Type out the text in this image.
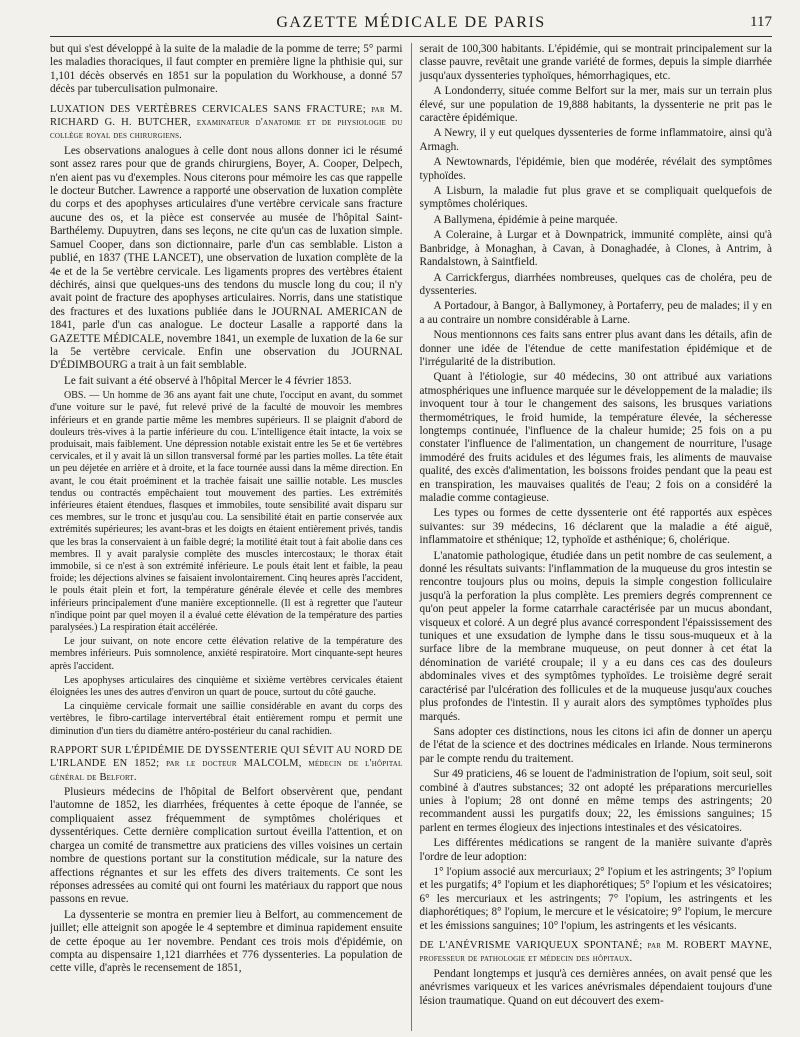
GAZETTE MÉDICALE DE PARIS	117

but qui s'est développé à la suite de la maladie de la pomme de terre; 5° parmi les maladies thoraciques, il faut compter en première ligne la phthisie qui, sur 1,101 décès observés en 1851 sur la population du Workhouse, a donné 57 décès par tuberculisation pulmonaire.

LUXATION DES VERTÈBRES CERVICALES SANS FRACTURE; par M. RICHARD G. H. BUTCHER, examinateur d'anatomie et de physiologie du collège royal des chirurgiens.

Les observations analogues à celle dont nous allons donner ici le résumé sont assez rares pour que de grands chirurgiens, Boyer, A. Cooper, Delpech, n'en aient pas vu d'exemples. Nous citerons pour mémoire les cas que rappelle le docteur Butcher. Lawrence a rapporté une observation de luxation complète du corps et des apophyses articulaires d'une vertèbre cervicale sans fracture aucune des os, et la pièce est conservée au musée de l'hôpital Saint-Barthélemy. Dupuytren, dans ses leçons, ne cite qu'un cas de luxation simple. Samuel Cooper, dans son dictionnaire, parle d'un cas semblable. Liston a publié, en 1837 (THE LANCET), une observation de luxation complète de la 4e et de la 5e vertèbre cervicale. Les ligaments propres des vertèbres étaient déchirés, ainsi que quelques-uns des tendons du muscle long du cou; il n'y avait point de fracture des apophyses articulaires. Norris, dans une statistique des fractures et des luxations publiée dans le JOURNAL AMERICAN de 1841, parle d'un cas analogue. Le docteur Lasalle a rapporté dans la GAZETTE MÉDICALE, novembre 1841, un exemple de luxation de la 6e sur la 5e vertèbre cervicale. Enfin une observation du JOURNAL D'ÉDIMBOURG a trait à un fait semblable.

Le fait suivant a été observé à l'hôpital Mercer le 4 février 1853.

OBS. — Un homme de 36 ans ayant fait une chute, l'occiput en avant, du sommet d'une voiture sur le pavé, fut relevé privé de la faculté de mouvoir les membres inférieurs et en grande partie même les membres supérieurs. Il se plaignit d'abord de douleurs très-vives à la partie inférieure du cou. L'intelligence était intacte, la voix se produisait, mais faiblement. Une dépression notable existait entre les 5e et 6e vertèbres cervicales, et il y avait là un sillon transversal formé par les parties molles. La tête était un peu déjetée en arrière et à droite, et la face tournée aussi dans la même direction. En avant, le cou était proéminent et la trachée faisait une saillie notable. Les muscles tendus ou contractés empêchaient tout mouvement des parties. Les extrémités inférieures étaient étendues, flasques et immobiles, toute sensibilité avait disparu sur ces membres, sur le tronc et jusqu'au cou. La sensibilité était en partie conservée aux extrémités supérieures; les avant-bras et les doigts en étaient entièrement privés, tandis que les bras la conservaient à un faible degré; la motilité était tout à fait abolie dans ces membres. Il y avait paralysie complète des muscles intercostaux; le thorax était immobile, si ce n'est à son extrémité inférieure. Le pouls était lent et faible, la peau froide; les déjections alvines se faisaient involontairement. Cinq heures après l'accident, le pouls était plein et fort, la température générale élevée et celle des membres inférieurs principalement d'une manière exceptionnelle. (Il est à regretter que l'auteur n'indique point par quel moyen il a évalué cette élévation de la température des parties paralysées.) La respiration était accélérée.

Le jour suivant, on note encore cette élévation relative de la température des membres inférieurs. Puis somnolence, anxiété respiratoire. Mort cinquante-sept heures après l'accident.

Les apophyses articulaires des cinquième et sixième vertèbres cervicales étaient éloignées les unes des autres d'environ un quart de pouce, surtout du côté gauche.

La cinquième cervicale formait une saillie considérable en avant du corps des vertèbres, le fibro-cartilage intervertébral était entièrement rompu et permit une diminution d'un tiers du diamètre antéro-postérieur du canal rachidien.

RAPPORT SUR L'ÉPIDÉMIE DE DYSSENTERIE QUI SÉVIT AU NORD DE L'IRLANDE EN 1852; par le docteur MALCOLM, médecin de l'hôpital général de Belfort.

Plusieurs médecins de l'hôpital de Belfort observèrent que, pendant l'automne de 1852, les diarrhées, fréquentes à cette époque de l'année, se compliquaient assez fréquemment de symptômes cholériques et dyssentériques. Cette dernière complication surtout éveilla l'attention, et on chargea un comité de transmettre aux praticiens des villes voisines un certain nombre de questions portant sur la constitution médicale, sur la nature des affections régnantes et sur les effets des divers traitements. Ce sont les réponses adressées au comité qui ont fourni les matériaux du rapport que nous passons en revue.

La dyssenterie se montra en premier lieu à Belfort, au commencement de juillet; elle atteignit son apogée le 4 septembre et diminua rapidement ensuite de cette époque au 1er novembre. Pendant ces trois mois d'épidémie, on compta au dispensaire 1,121 diarrhées et 776 dyssenteries. La population de cette ville, d'après le recensement de 1851,

serait de 100,300 habitants. L'épidémie, qui se montrait principalement sur la classe pauvre, revêtait une grande variété de formes, depuis la simple diarrhée jusqu'aux dyssenteries typhoïques, hémorrhagiques, etc.

A Londonderry, située comme Belfort sur la mer, mais sur un terrain plus élevé, sur une population de 19,888 habitants, la dyssenterie ne prit pas le caractère épidémique.

A Newry, il y eut quelques dyssenteries de forme inflammatoire, ainsi qu'à Armagh.

A Newtownards, l'épidémie, bien que modérée, révélait des symptômes typhoïdes.

A Lisburn, la maladie fut plus grave et se compliquait quelquefois de symptômes cholériques.

A Ballymena, épidémie à peine marquée.

A Coleraine, à Lurgar et à Downpatrick, immunité complète, ainsi qu'à Banbridge, à Monaghan, à Cavan, à Donaghadée, à Clones, à Antrim, à Randalstown, à Saintfield.

A Carrickfergus, diarrhées nombreuses, quelques cas de choléra, peu de dyssenteries.

A Portadour, à Bangor, à Ballymoney, à Portaferry, peu de malades; il y en a au contraire un nombre considérable à Larne.

Nous mentionnons ces faits sans entrer plus avant dans les détails, afin de donner une idée de l'étendue de cette manifestation épidémique et de l'irrégularité de la distribution.

Quant à l'étiologie, sur 40 médecins, 30 ont attribué aux variations atmosphériques une influence marquée sur le développement de la maladie; ils invoquent tour à tour le changement des saisons, les brusques variations thermométriques, le froid humide, la température élevée, la sécheresse longtemps continuée, l'influence de la chaleur humide; 25 fois on a pu constater l'influence de l'alimentation, un changement de nourriture, l'usage immodéré des fruits acidules et des légumes frais, les aliments de mauvaise qualité, des excès d'alimentation, les boissons froides pendant que la peau est en transpiration, les mauvaises qualités de l'eau; 2 fois on a considéré la maladie comme contagieuse.

Les types ou formes de cette dyssenterie ont été rapportés aux espèces suivantes: sur 39 médecins, 16 déclarent que la maladie a été aiguë, inflammatoire et sthénique; 12, typhoïde et asthénique; 6, cholérique.

L'anatomie pathologique, étudiée dans un petit nombre de cas seulement, a donné les résultats suivants: l'inflammation de la muqueuse du gros intestin se rencontre toujours plus ou moins, depuis la simple congestion folliculaire jusqu'à la perforation la plus complète. Les premiers degrés comprennent ce qu'on peut appeler la forme catarrhale caractérisée par un mucus abondant, visqueux et coloré. A un degré plus avancé correspondent l'épaississement des tuniques et une exsudation de lymphe dans le tissu sous-muqueux et à la surface libre de la membrane muqueuse, on peut donner à cet état la dénomination de variété croupale; il y a eu dans ces cas des douleurs abdominales vives et des symptômes typhoïdes. Le troisième degré serait caractérisé par l'ulcération des follicules et de la muqueuse jusqu'aux couches plus profondes de l'intestin. Il y aurait alors des symptômes typhoïdes plus marqués.

Sans adopter ces distinctions, nous les citons ici afin de donner un aperçu de l'état de la science et des doctrines médicales en Irlande. Nous terminerons par le compte rendu du traitement.

Sur 49 praticiens, 46 se louent de l'administration de l'opium, soit seul, soit combiné à d'autres substances; 32 ont adopté les préparations mercurielles unies à l'opium; 28 ont donné en même temps des astringents; 20 recommandent aussi les purgatifs doux; 22, les émissions sanguines; 15 parlent en termes élogieux des injections intestinales et des vésicatoires.

Les différentes médications se rangent de la manière suivante d'après l'ordre de leur adoption:

1° l'opium associé aux mercuriaux; 2° l'opium et les astringents; 3° l'opium et les purgatifs; 4° l'opium et les diaphorétiques; 5° l'opium et les vésicatoires; 6° les mercuriaux et les astringents; 7° l'opium, les astringents et les diaphorétiques; 8° l'opium, le mercure et le vésicatoire; 9° l'opium, le mercure et les émissions sanguines; 10° l'opium, les astringents et les vésicants.

DE L'ANÉVRISME VARIQUEUX SPONTANÉ; par M. ROBERT MAYNE, professeur de pathologie et médecin des hôpitaux.

Pendant longtemps et jusqu'à ces dernières années, on avait pensé que les anévrismes variqueux et les varices anévrismales dépendaient toujours d'une lésion traumatique. Quand on eut découvert des exem-
